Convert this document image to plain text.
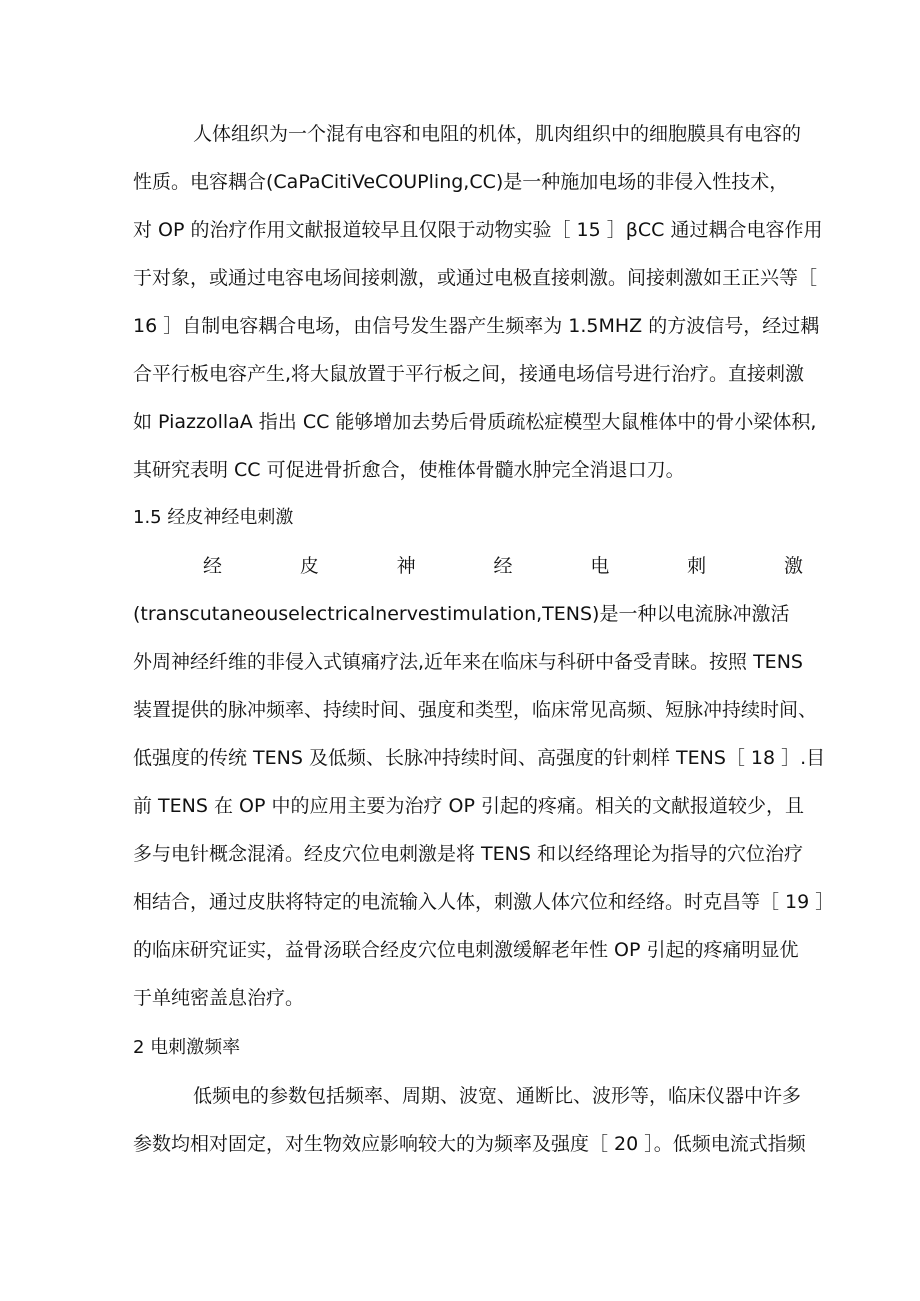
人体组织为一个混有电容和电阻的机体，肌肉组织中的细胞膜具有电容的
性质。电容耦合(CaPaCitiVeCOUPling,CC)是一种施加电场的非侵入性技术，
对 OP 的治疗作用文献报道较早且仅限于动物实验［ 15 ］βCC 通过耦合电容作用
于对象，或通过电容电场间接刺激，或通过电极直接刺激。间接刺激如王正兴等［
16 ］自制电容耦合电场，由信号发生器产生频率为 1.5MHZ 的方波信号，经过耦
合平行板电容产生,将大鼠放置于平行板之间，接通电场信号进行治疗。直接刺激
如 PiazzollaA 指出 CC 能够增加去势后骨质疏松症模型大鼠椎体中的骨小梁体积,
其研究表明 CC 可促进骨折愈合，使椎体骨髓水肿完全消退口刀。
1.5 经皮神经电刺激
经	皮	神	经	电	刺	激
(transcutaneouselectricalnervestimulation,TENS)是一种以电流脉冲激活
外周神经纤维的非侵入式镇痛疗法,近年来在临床与科研中备受青睐。按照 TENS
装置提供的脉冲频率、持续时间、强度和类型，临床常见高频、短脉冲持续时间、
低强度的传统 TENS 及低频、长脉冲持续时间、高强度的针刺样 TENS［ 18 ］.目
前 TENS 在 OP 中的应用主要为治疗 OP 引起的疼痛。相关的文献报道较少，且
多与电针概念混淆。经皮穴位电刺激是将 TENS 和以经络理论为指导的穴位治疗
相结合，通过皮肤将特定的电流输入人体，刺激人体穴位和经络。时克昌等［ 19 ］
的临床研究证实，益骨汤联合经皮穴位电刺激缓解老年性 OP 引起的疼痛明显优
于单纯密盖息治疗。
2 电刺激频率
低频电的参数包括频率、周期、波宽、通断比、波形等，临床仪器中许多
参数均相对固定，对生物效应影响较大的为频率及强度［ 20 ］。低频电流式指频
